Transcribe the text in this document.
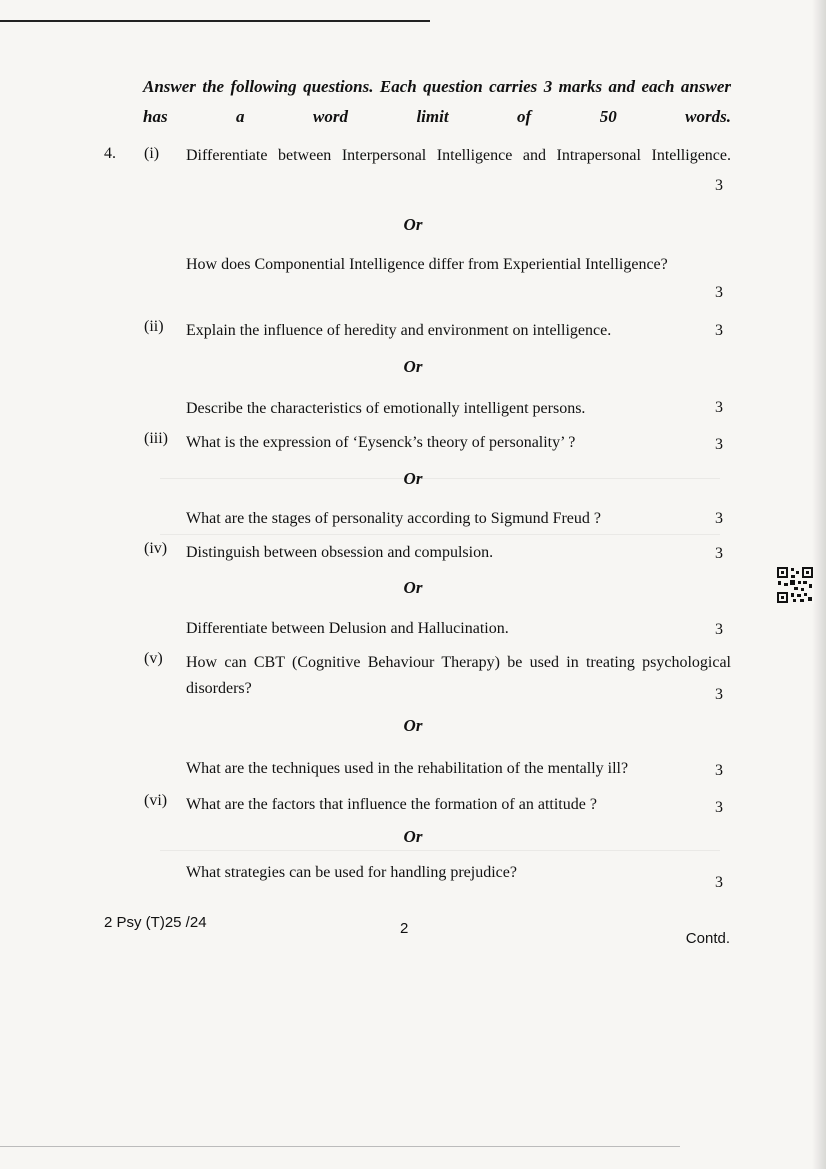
Answer the following questions. Each question carries 3 marks and each answer has a word limit of 50 words.
4. (i) Differentiate between Interpersonal Intelligence and Intrapersonal Intelligence.
3
Or
How does Componential Intelligence differ from Experiential Intelligence?
3
(ii) Explain the influence of heredity and environment on intelligence.	3
Or
Describe the characteristics of emotionally intelligent persons.	3
(iii) What is the expression of ‘Eysenck’s theory of personality’ ?	3
Or
What are the stages of personality according to Sigmund Freud ?	3
(iv) Distinguish between obsession and compulsion.	3
Or
Differentiate between Delusion and Hallucination.	3
(v) How can CBT (Cognitive Behaviour Therapy) be used in treating psychological disorders?	3
Or
What are the techniques used in the rehabilitation of the mentally ill?	3
(vi) What are the factors that influence the formation of an attitude ?	3
Or
What strategies can be used for handling prejudice?
3
2 Psy (T)25 /24	2
Contd.
